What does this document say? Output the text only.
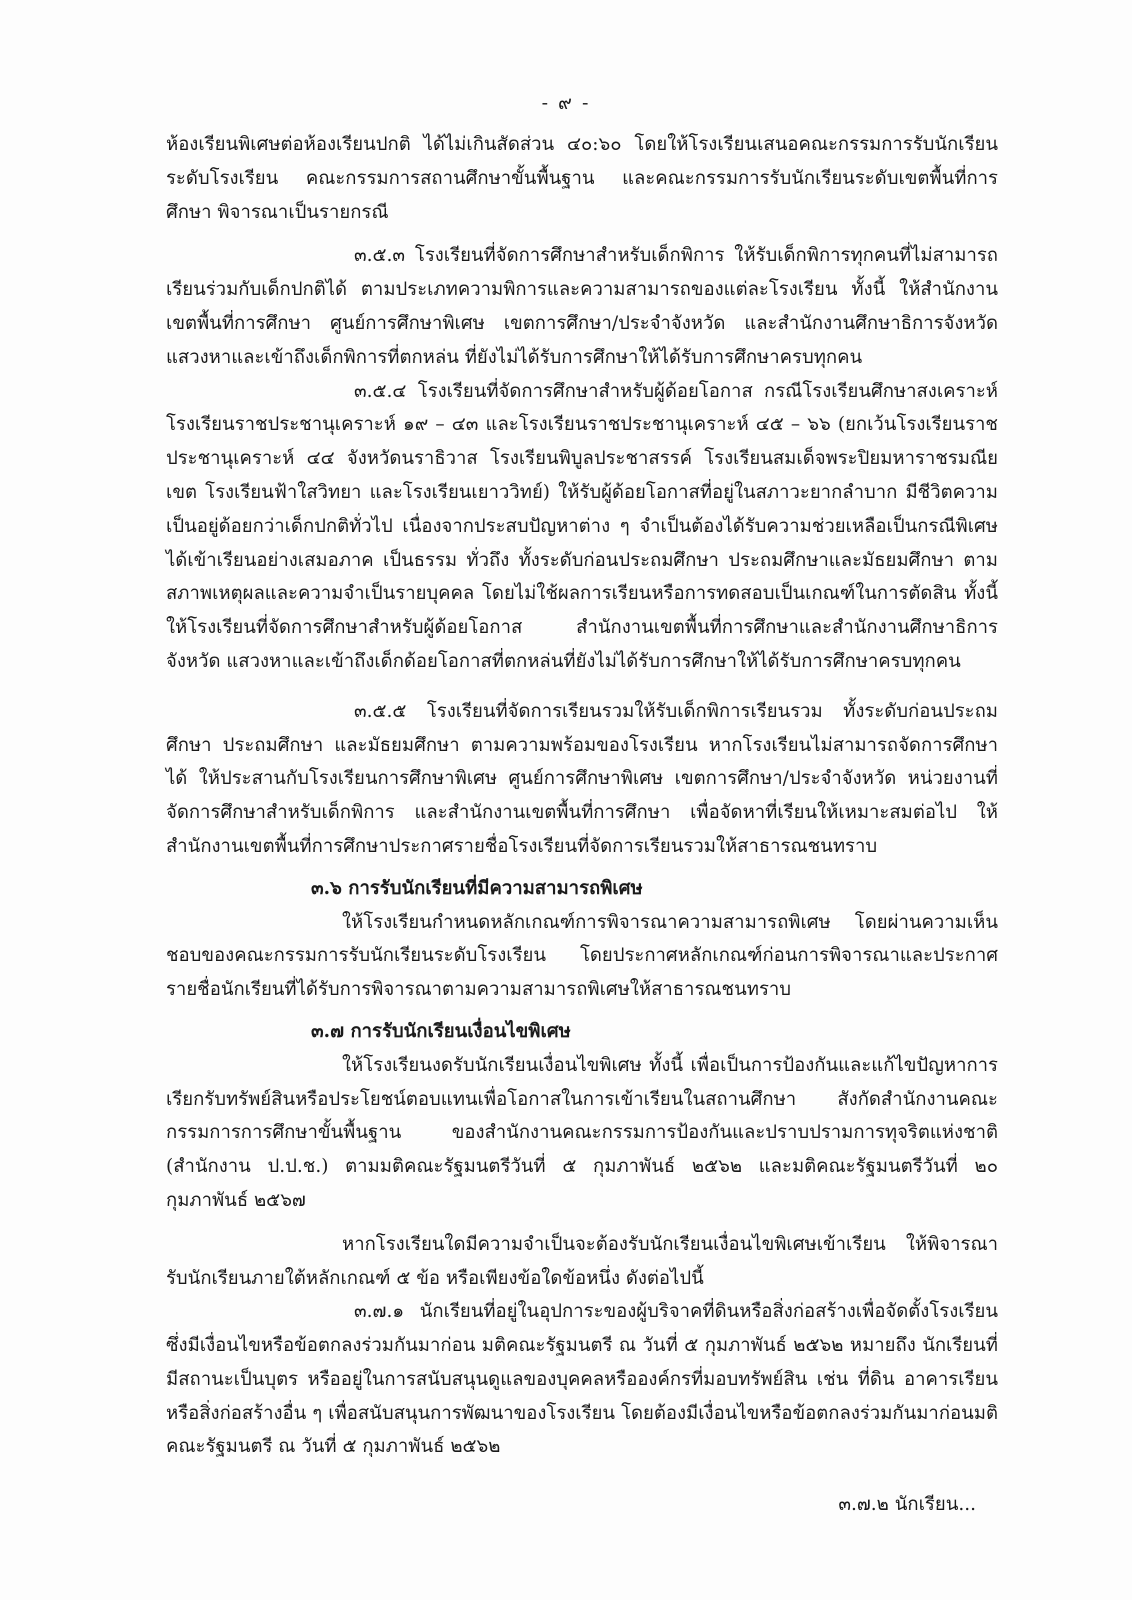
- ๙ -

ห้องเรียนพิเศษต่อห้องเรียนปกติ ได้ไม่เกินสัดส่วน ๔๐:๖๐ โดยให้โรงเรียนเสนอคณะกรรมการรับนักเรียนระดับโรงเรียน คณะกรรมการสถานศึกษาขั้นพื้นฐาน และคณะกรรมการรับนักเรียนระดับเขตพื้นที่การศึกษา พิจารณาเป็นรายกรณี

๓.๕.๓ โรงเรียนที่จัดการศึกษาสำหรับเด็กพิการ ให้รับเด็กพิการทุกคนที่ไม่สามารถเรียนร่วมกับเด็กปกติได้ ตามประเภทความพิการและความสามารถของแต่ละโรงเรียน ทั้งนี้ ให้สำนักงานเขตพื้นที่การศึกษา ศูนย์การศึกษาพิเศษ เขตการศึกษา/ประจำจังหวัด และสำนักงานศึกษาธิการจังหวัด แสวงหาและเข้าถึงเด็กพิการที่ตกหล่น ที่ยังไม่ได้รับการศึกษาให้ได้รับการศึกษาครบทุกคน

๓.๕.๔ โรงเรียนที่จัดการศึกษาสำหรับผู้ด้อยโอกาส กรณีโรงเรียนศึกษาสงเคราะห์ โรงเรียนราชประชานุเคราะห์ ๑๙ – ๔๓ และโรงเรียนราชประชานุเคราะห์ ๔๕ – ๖๖ (ยกเว้นโรงเรียนราชประชานุเคราะห์ ๔๔ จังหวัดนราธิวาส โรงเรียนพิบูลประชาสรรค์ โรงเรียนสมเด็จพระปิยมหาราชรมณียเขต โรงเรียนฟ้าใสวิทยา และโรงเรียนเยาววิทย์) ให้รับผู้ด้อยโอกาสที่อยู่ในสภาวะยากลำบาก มีชีวิตความเป็นอยู่ด้อยกว่าเด็กปกติทั่วไป เนื่องจากประสบปัญหาต่าง ๆ จำเป็นต้องได้รับความช่วยเหลือเป็นกรณีพิเศษ ได้เข้าเรียนอย่างเสมอภาค เป็นธรรม ทั่วถึง ทั้งระดับก่อนประถมศึกษา ประถมศึกษาและมัธยมศึกษา ตามสภาพเหตุผลและความจำเป็นรายบุคคล โดยไม่ใช้ผลการเรียนหรือการทดสอบเป็นเกณฑ์ในการตัดสิน ทั้งนี้ ให้โรงเรียนที่จัดการศึกษาสำหรับผู้ด้อยโอกาส สำนักงานเขตพื้นที่การศึกษาและสำนักงานศึกษาธิการจังหวัด แสวงหาและเข้าถึงเด็กด้อยโอกาสที่ตกหล่นที่ยังไม่ได้รับการศึกษาให้ได้รับการศึกษาครบทุกคน

๓.๕.๕ โรงเรียนที่จัดการเรียนรวมให้รับเด็กพิการเรียนรวม ทั้งระดับก่อนประถมศึกษา ประถมศึกษา และมัธยมศึกษา ตามความพร้อมของโรงเรียน หากโรงเรียนไม่สามารถจัดการศึกษาได้ ให้ประสานกับโรงเรียนการศึกษาพิเศษ ศูนย์การศึกษาพิเศษ เขตการศึกษา/ประจำจังหวัด หน่วยงานที่จัดการศึกษาสำหรับเด็กพิการ และสำนักงานเขตพื้นที่การศึกษา เพื่อจัดหาที่เรียนให้เหมาะสมต่อไป ให้สำนักงานเขตพื้นที่การศึกษาประกาศรายชื่อโรงเรียนที่จัดการเรียนรวมให้สาธารณชนทราบ

๓.๖ การรับนักเรียนที่มีความสามารถพิเศษ

ให้โรงเรียนกำหนดหลักเกณฑ์การพิจารณาความสามารถพิเศษ โดยผ่านความเห็นชอบของคณะกรรมการรับนักเรียนระดับโรงเรียน โดยประกาศหลักเกณฑ์ก่อนการพิจารณาและประกาศรายชื่อนักเรียนที่ได้รับการพิจารณาตามความสามารถพิเศษให้สาธารณชนทราบ

๓.๗ การรับนักเรียนเงื่อนไขพิเศษ

ให้โรงเรียนงดรับนักเรียนเงื่อนไขพิเศษ ทั้งนี้ เพื่อเป็นการป้องกันและแก้ไขปัญหาการเรียกรับทรัพย์สินหรือประโยชน์ตอบแทนเพื่อโอกาสในการเข้าเรียนในสถานศึกษา สังกัดสำนักงานคณะกรรมการการศึกษาขั้นพื้นฐาน ของสำนักงานคณะกรรมการป้องกันและปราบปรามการทุจริตแห่งชาติ (สำนักงาน ป.ป.ช.) ตามมติคณะรัฐมนตรีวันที่ ๕ กุมภาพันธ์ ๒๕๖๒ และมติคณะรัฐมนตรีวันที่ ๒๐ กุมภาพันธ์ ๒๕๖๗

หากโรงเรียนใดมีความจำเป็นจะต้องรับนักเรียนเงื่อนไขพิเศษเข้าเรียน ให้พิจารณารับนักเรียนภายใต้หลักเกณฑ์ ๕ ข้อ หรือเพียงข้อใดข้อหนึ่ง ดังต่อไปนี้

๓.๗.๑ นักเรียนที่อยู่ในอุปการะของผู้บริจาคที่ดินหรือสิ่งก่อสร้างเพื่อจัดตั้งโรงเรียนซึ่งมีเงื่อนไขหรือข้อตกลงร่วมกันมาก่อน มติคณะรัฐมนตรี ณ วันที่ ๕ กุมภาพันธ์ ๒๕๖๒ หมายถึง นักเรียนที่มีสถานะเป็นบุตร หรืออยู่ในการสนับสนุนดูแลของบุคคลหรือองค์กรที่มอบทรัพย์สิน เช่น ที่ดิน อาคารเรียนหรือสิ่งก่อสร้างอื่น ๆ เพื่อสนับสนุนการพัฒนาของโรงเรียน โดยต้องมีเงื่อนไขหรือข้อตกลงร่วมกันมาก่อนมติคณะรัฐมนตรี ณ วันที่ ๕ กุมภาพันธ์ ๒๕๖๒

๓.๗.๒ นักเรียน...
